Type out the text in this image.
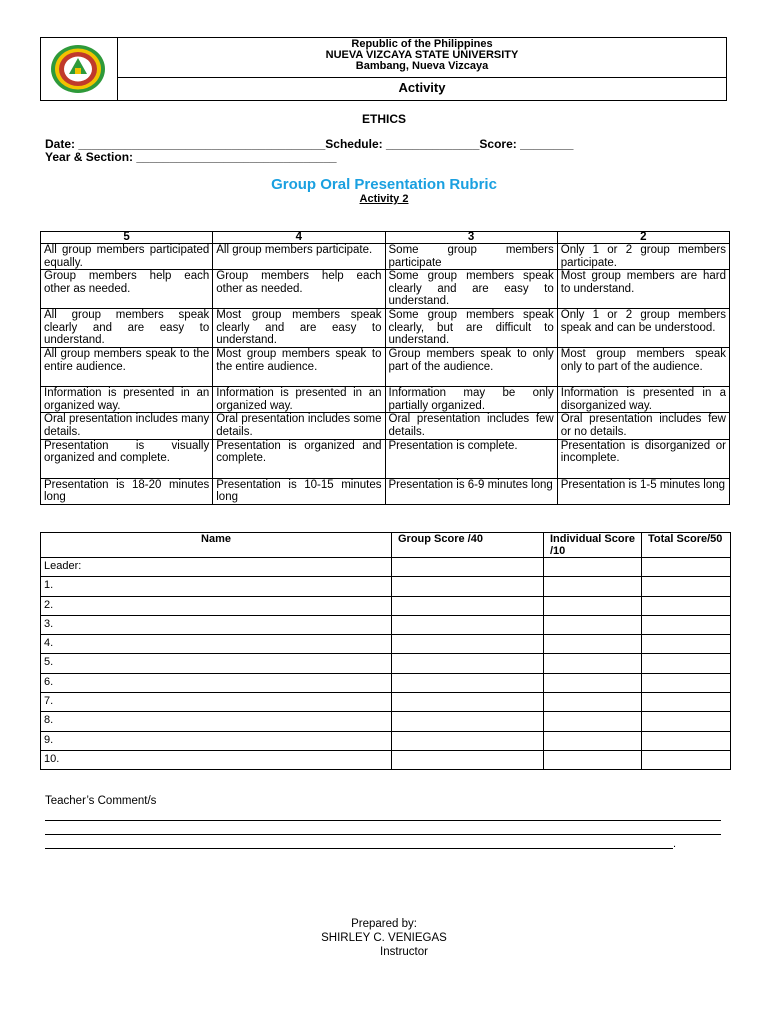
Republic of the Philippines
NUEVA VIZCAYA STATE UNIVERSITY
Bambang, Nueva Vizcaya
Activity
ETHICS
Date: _____________________________________Schedule: ______________Score: ________
Year & Section: ______________________________
Group Oral Presentation Rubric
Activity 2
5	4	3	2
All group members participated equally.	All group members participate.	Some group members participate	Only 1 or 2 group members participate.
Group members help each other as needed.	Group members help each other as needed.	Some group members speak clearly and are easy to understand.	Most group members are hard to understand.
All group members speak clearly and are easy to understand.	Most group members speak clearly and are easy to understand.	Some group members speak clearly, but are difficult to understand.	Only 1 or 2 group members speak and can be understood.
All group members speak to the entire audience.	Most group members speak to the entire audience.	Group members speak to only part of the audience.	Most group members speak only to part of the audience.
Information is presented in an organized way.	Information is presented in an organized way.	Information may be only partially organized.	Information is presented in a disorganized way.
Oral presentation includes many details.	Oral presentation includes some details.	Oral presentation includes few details.	Oral presentation includes few or no details.
Presentation is visually organized and complete.	Presentation is organized and complete.	Presentation is complete.	Presentation is disorganized or incomplete.
Presentation is 18-20 minutes long	Presentation is 10-15 minutes long	Presentation is 6-9 minutes long	Presentation is 1-5 minutes long
Name	Group Score /40	Individual Score /10	Total Score/50
Leader:			
1.			
2.			
3.			
4.			
5.			
6.			
7.			
8.			
9.			
10.			
Teacher’s Comment/s
.
Prepared by:
SHIRLEY C. VENIEGAS
Instructor
